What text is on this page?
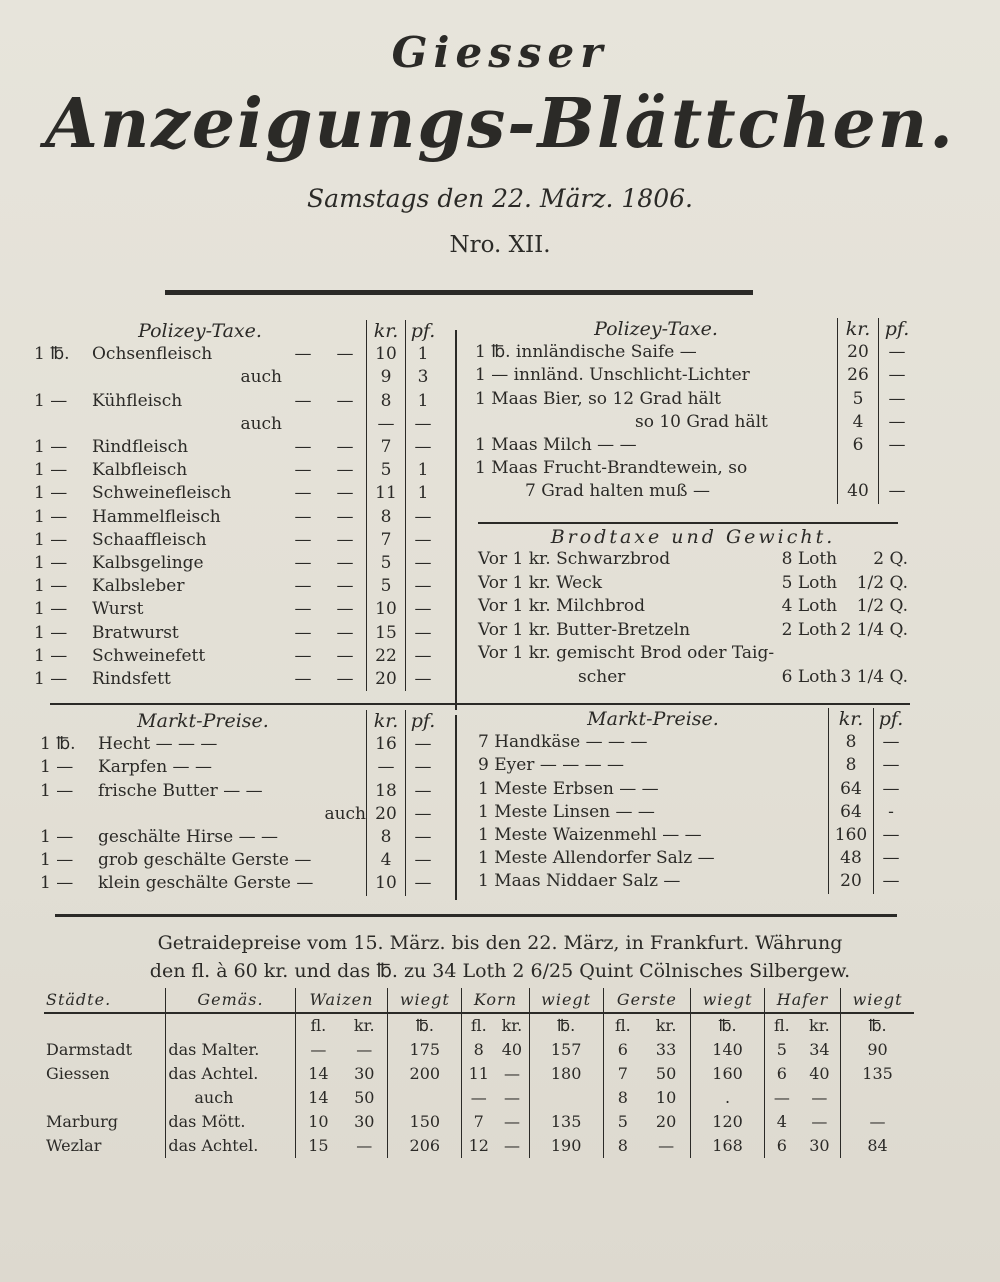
Giesser
Anzeigungs-Blättchen.
Samstags den 22. März. 1806.
Nro. XII.
Polizey-Taxe.				kr.	pf.
1 ℔.	Ochsenfleisch	—	—	10	1
	auch			9	3
1 —	Kühfleisch	—	—	8	1
	auch			—	—
1 —	Rindfleisch	—	—	7	—
1 —	Kalbfleisch	—	—	5	1
1 —	Schweinefleisch	—	—	11	1
1 —	Hammelfleisch	—	—	8	—
1 —	Schaaffleisch	—	—	7	—
1 —	Kalbsgelinge	—	—	5	—
1 —	Kalbsleber	—	—	5	—
1 —	Wurst	—	—	10	—
1 —	Bratwurst	—	—	15	—
1 —	Schweinefett	—	—	22	—
1 —	Rindsfett	—	—	20	—
Polizey-Taxe.	kr.	pf.
1 ℔. innländische Saife —	20	—
1 — innländ. Unschlicht-Lichter	26	—
1 Maas Bier, so 12 Grad hält	5	—
so 10 Grad hält	4	—
1 Maas Milch — —	6	—
1 Maas Frucht-Brandtewein, so		
7 Grad halten muß —	40	—
Brodtaxe und Gewicht.
Vor 1 kr. Schwarzbrod	8 Loth	2 Q.
Vor 1 kr. Weck	5 Loth	1/2 Q.
Vor 1 kr. Milchbrod	4 Loth	1/2 Q.
Vor 1 kr. Butter-Bretzeln	2 Loth	2 1/4 Q.
Vor 1 kr. gemischt Brod oder Taig-		
scher	6 Loth	3 1/4 Q.
Markt-Preise.		kr.	pf.
1 ℔.	Hecht — — —	16	—
1 —	Karpfen — —	—	—
1 —	frische Butter — —	18	—
	auch	20	—
1 —	geschälte Hirse — —	8	—
1 —	grob geschälte Gerste —	4	—
1 —	klein geschälte Gerste —	10	—
Markt-Preise.	kr.	pf.
7 Handkäse — — —	8	—
9 Eyer — — — —	8	—
1 Meste Erbsen — —	64	—
1 Meste Linsen — —	64	-
1 Meste Waizenmehl — —	160	—
1 Meste Allendorfer Salz —	48	—
1 Maas Niddaer Salz —	20	—
Getraidepreise vom 15. März. bis den 22. März, in Frankfurt. Währung
den fl. à 60 kr. und das ℔. zu 34 Loth 2 6/25 Quint Cölnisches Silbergew.
Städte.	Gemäs.	Waizen		wiegt	Korn		wiegt	Gerste		wiegt	Hafer		wiegt
		fl.	kr.	℔.	fl.	kr.	℔.	fl.	kr.	℔.	fl.	kr.	℔.
Darmstadt	das Malter.	—	—	175	8	40	157	6	33	140	5	34	90
Giessen	das Achtel.	14	30	200	11	—	180	7	50	160	6	40	135
	auch	14	50		—	—		8	10	.	—	—	
Marburg	das Mött.	10	30	150	7	—	135	5	20	120	4	—	—
Wezlar	das Achtel.	15	—	206	12	—	190	8	—	168	6	30	84
